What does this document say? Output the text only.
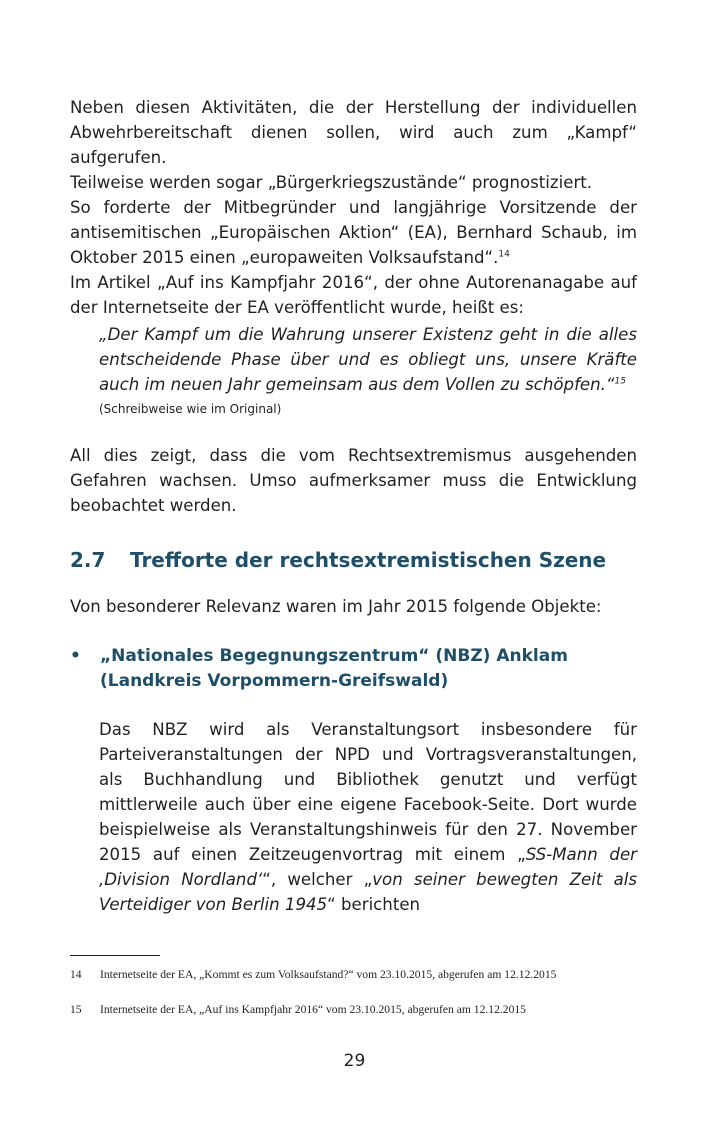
Neben diesen Aktivitäten, die der Herstellung der individuellen Abwehrbereitschaft dienen sollen, wird auch zum „Kampf“ aufgerufen.

Teilweise werden sogar „Bürgerkriegszustände“ prognostiziert.

So forderte der Mitbegründer und langjährige Vorsitzende der antisemitischen „Europäischen Aktion“ (EA), Bernhard Schaub, im Oktober 2015 einen „europaweiten Volksaufstand“.$^{14}$

Im Artikel „Auf ins Kampfjahr 2016“, der ohne Autorenanagabe auf der Internetseite der EA veröffentlicht wurde, heißt es:

„Der Kampf um die Wahrung unserer Existenz geht in die alles entscheidende Phase über und es obliegt uns, unsere Kräfte auch im neuen Jahr gemeinsam aus dem Vollen zu schöpfen.“$^{15}$

(Schreibweise wie im Original)

All dies zeigt, dass die vom Rechtsextremismus ausgehenden Gefahren wachsen. Umso aufmerksamer muss die Entwicklung beobachtet werden.

2.7 Trefforte der rechtsextremistischen Szene

Von besonderer Relevanz waren im Jahr 2015 folgende Objekte:

• „Nationales Begegnungszentrum“ (NBZ) Anklam (Landkreis Vorpommern-Greifswald)

Das NBZ wird als Veranstaltungsort insbesondere für Parteiveranstaltungen der NPD und Vortragsveranstaltungen, als Buchhandlung und Bibliothek genutzt und verfügt mittlerweile auch über eine eigene Facebook-Seite. Dort wurde beispielweise als Veranstaltungshinweis für den 27. November 2015 auf einen Zeitzeugenvortrag mit einem „SS-Mann der ‚Division Nordland‘“, welcher „von seiner bewegten Zeit als Verteidiger von Berlin 1945“ berichten

14 Internetseite der EA, „Kommt es zum Volksaufstand?“ vom 23.10.2015, abgerufen am 12.12.2015
15 Internetseite der EA, „Auf ins Kampfjahr 2016“ vom 23.10.2015, abgerufen am 12.12.2015

29
